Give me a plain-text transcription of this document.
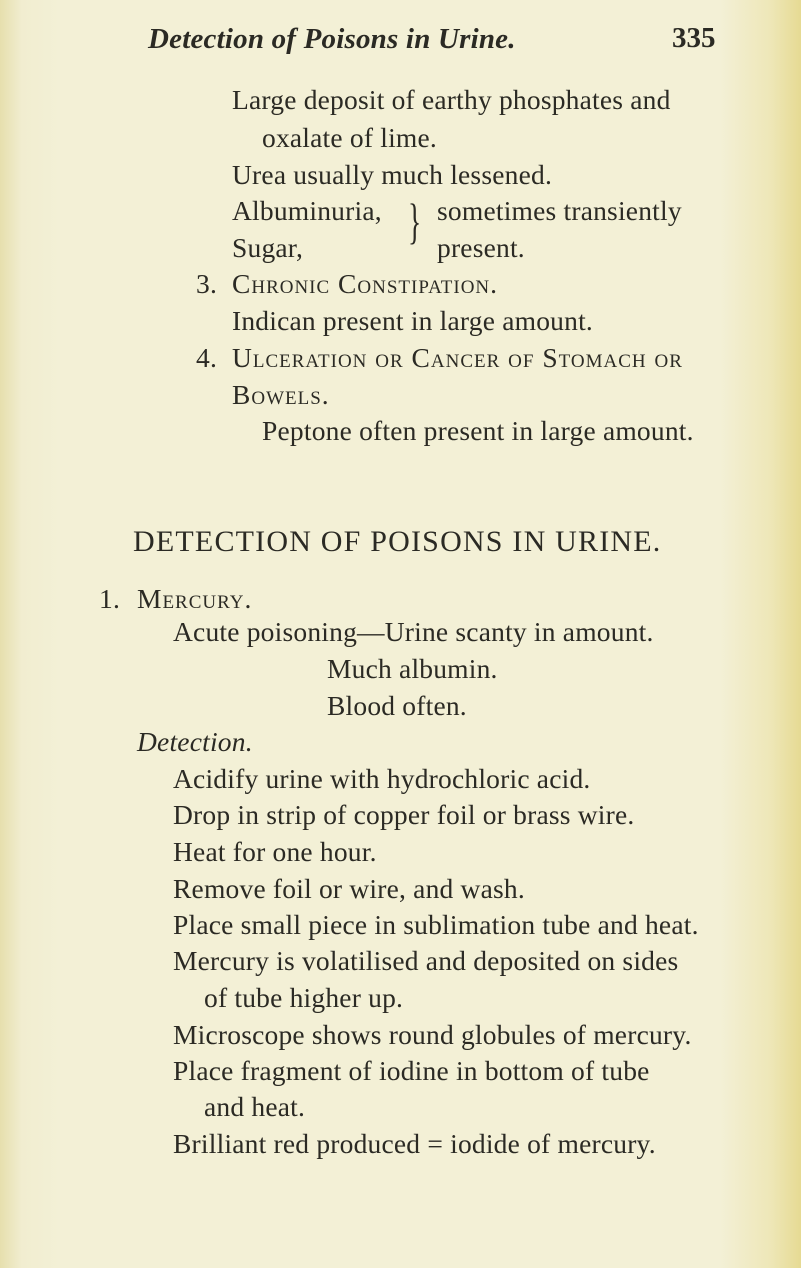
Detection of Poisons in Urine.	335
Large deposit of earthy phosphates and
oxalate of lime.
Urea usually much lessened.
Albuminuria,
Sugar, } sometimes transiently
present.
3. Chronic Constipation.
Indican present in large amount.
4. Ulceration or Cancer of Stomach or
Bowels.
Peptone often present in large amount.
DETECTION OF POISONS IN URINE.
1. Mercury.
Acute poisoning—Urine scanty in amount.
Much albumin.
Blood often.
Detection.
Acidify urine with hydrochloric acid.
Drop in strip of copper foil or brass wire.
Heat for one hour.
Remove foil or wire, and wash.
Place small piece in sublimation tube and heat.
Mercury is volatilised and deposited on sides
of tube higher up.
Microscope shows round globules of mercury.
Place fragment of iodine in bottom of tube
and heat.
Brilliant red produced = iodide of mercury.
